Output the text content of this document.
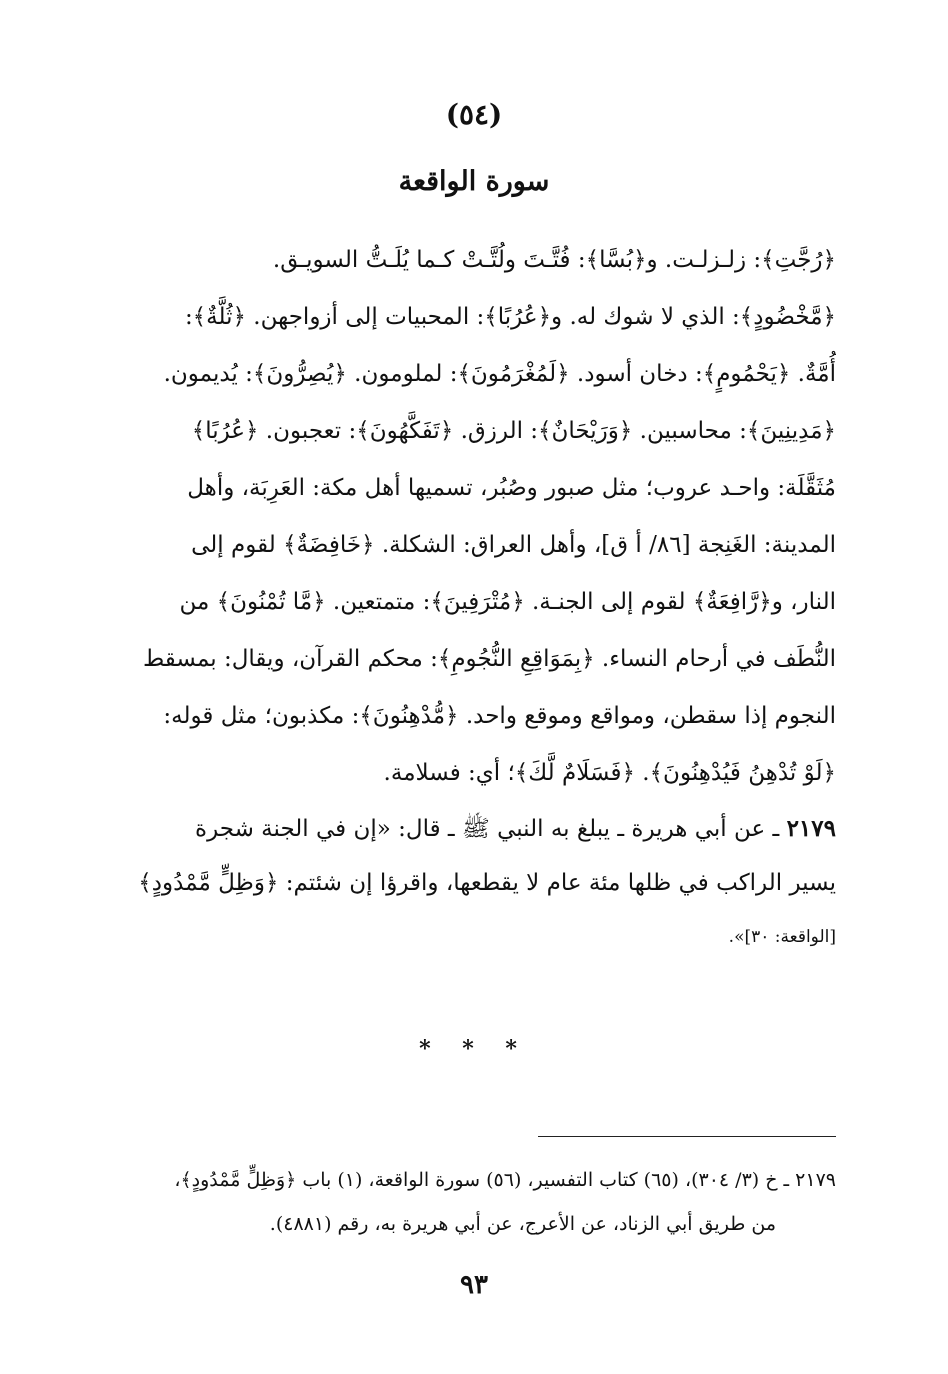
(٥٤)
سورة الواقعة
﴿رُجَّتِ﴾: زلـزلـت. و﴿بُسَّا﴾: فُتَّـتَ ولُتَّـتْ كـما يُلَـتُّ السويـق.
﴿مَّخْضُودٍ﴾: الذي لا شوك له. و﴿عُرُبًا﴾: المحبيات إلى أزواجهن. ﴿ثُلَّةٌ﴾:
أُمَّةٌ. ﴿يَحْمُومٍ﴾: دخان أسود. ﴿لَمُغْرَمُونَ﴾: لملومون. ﴿يُصِرُّونَ﴾: يُديمون.
﴿مَدِينِينَ﴾: محاسبين. ﴿وَرَيْحَانٌ﴾: الرزق. ﴿تَفَكَّهُونَ﴾: تعجبون. ﴿عُرُبًا﴾
مُثَقَّلَة: واحـد عروب؛ مثل صبور وصُبُر، تسميها أهل مكة: العَرِبَة، وأهل
المدينة: الغَنِجة [٨٦/ أ ق]، وأهل العراق: الشكلة. ﴿خَافِضَةٌ﴾ لقوم إلى
النار، و﴿رَّافِعَةٌ﴾ لقوم إلى الجنـة. ﴿مُتْرَفِينَ﴾: متمتعين. ﴿مَّا تُمْنُونَ﴾ من
النُّطَف في أرحام النساء. ﴿بِمَوَاقِعِ النُّجُومِ﴾: محكم القرآن، ويقال: بمسقط
النجوم إذا سقطن، ومواقع وموقع واحد. ﴿مُّدْهِنُونَ﴾: مكذبون؛ مثل قوله:
﴿لَوْ تُدْهِنُ فَيُدْهِنُونَ﴾. ﴿فَسَلَامٌ لَّكَ﴾؛ أي: فسلامة.
٢١٧٩ ـ عن أبي هريرة ـ يبلغ به النبي ﷺ ـ قال: «إن في الجنة شجرة
يسير الراكب في ظلها مئة عام لا يقطعها، واقرؤا إن شئتم: ﴿وَظِلٍّ مَّمْدُودٍ﴾
[الواقعة: ٣٠]».
* * *
٢١٧٩ ـ خ (٣/ ٣٠٤)، (٦٥) كتاب التفسير، (٥٦) سورة الواقعة، (١) باب ﴿وَظِلٍّ مَّمْدُودٍ﴾،
من طريق أبي الزناد، عن الأعرج، عن أبي هريرة به، رقم (٤٨٨١).
٩٣
